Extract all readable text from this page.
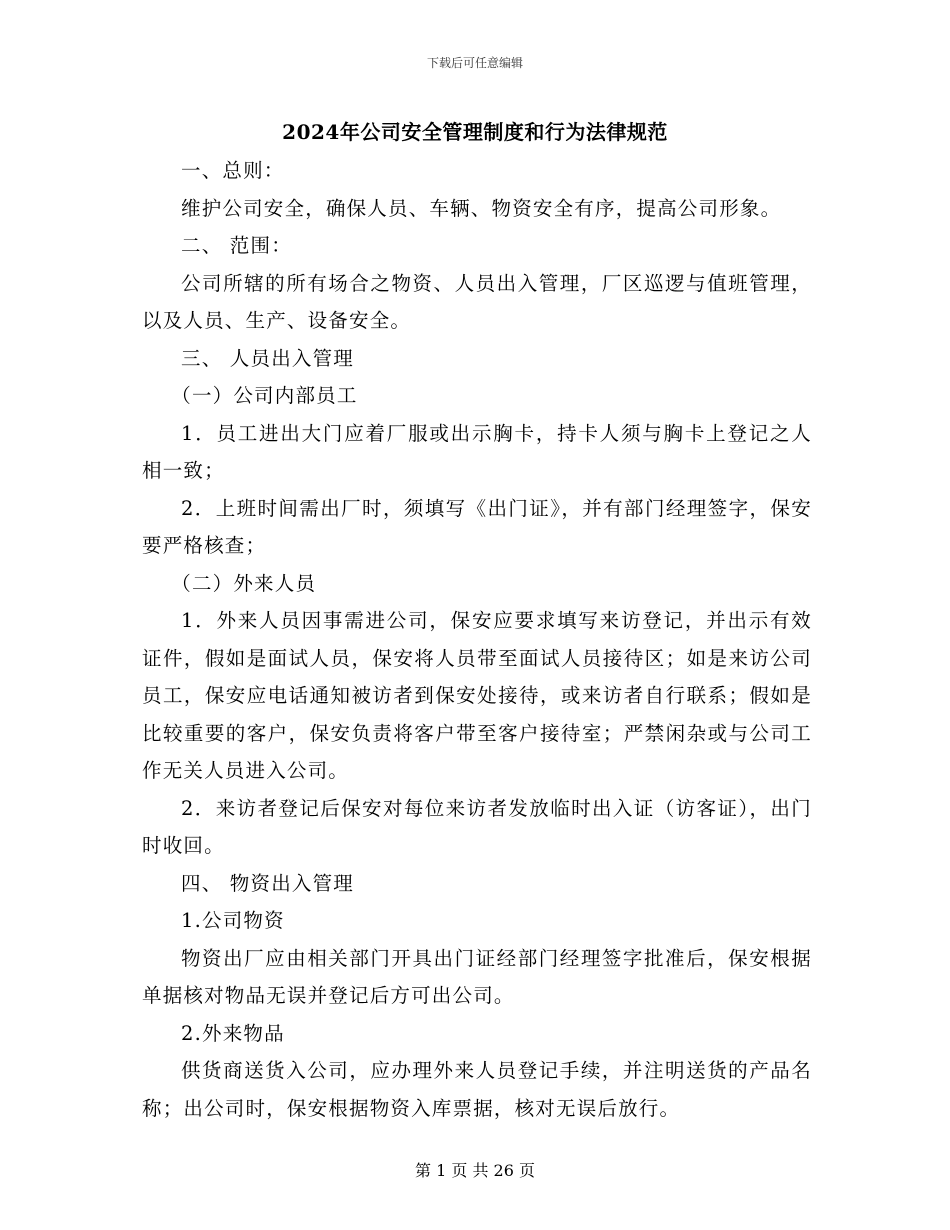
下载后可任意编辑
2024年公司安全管理制度和行为法律规范

一、总则：

维护公司安全，确保人员、车辆、物资安全有序，提高公司形象。

二、 范围：

公司所辖的所有场合之物资、人员出入管理，厂区巡逻与值班管理，以及人员、生产、设备安全。

三、 人员出入管理

（一）公司内部员工

1．员工进出大门应着厂服或出示胸卡，持卡人须与胸卡上登记之人相一致；

2．上班时间需出厂时，须填写《出门证》，并有部门经理签字，保安要严格核查；

（二）外来人员

1．外来人员因事需进公司，保安应要求填写来访登记，并出示有效证件，假如是面试人员，保安将人员带至面试人员接待区；如是来访公司员工，保安应电话通知被访者到保安处接待，或来访者自行联系；假如是比较重要的客户，保安负责将客户带至客户接待室；严禁闲杂或与公司工作无关人员进入公司。

2．来访者登记后保安对每位来访者发放临时出入证（访客证），出门时收回。

四、 物资出入管理

1.公司物资

物资出厂应由相关部门开具出门证经部门经理签字批准后，保安根据单据核对物品无误并登记后方可出公司。

2.外来物品

供货商送货入公司，应办理外来人员登记手续，并注明送货的产品名称；出公司时，保安根据物资入库票据，核对无误后放行。

第 1 页 共 26 页
